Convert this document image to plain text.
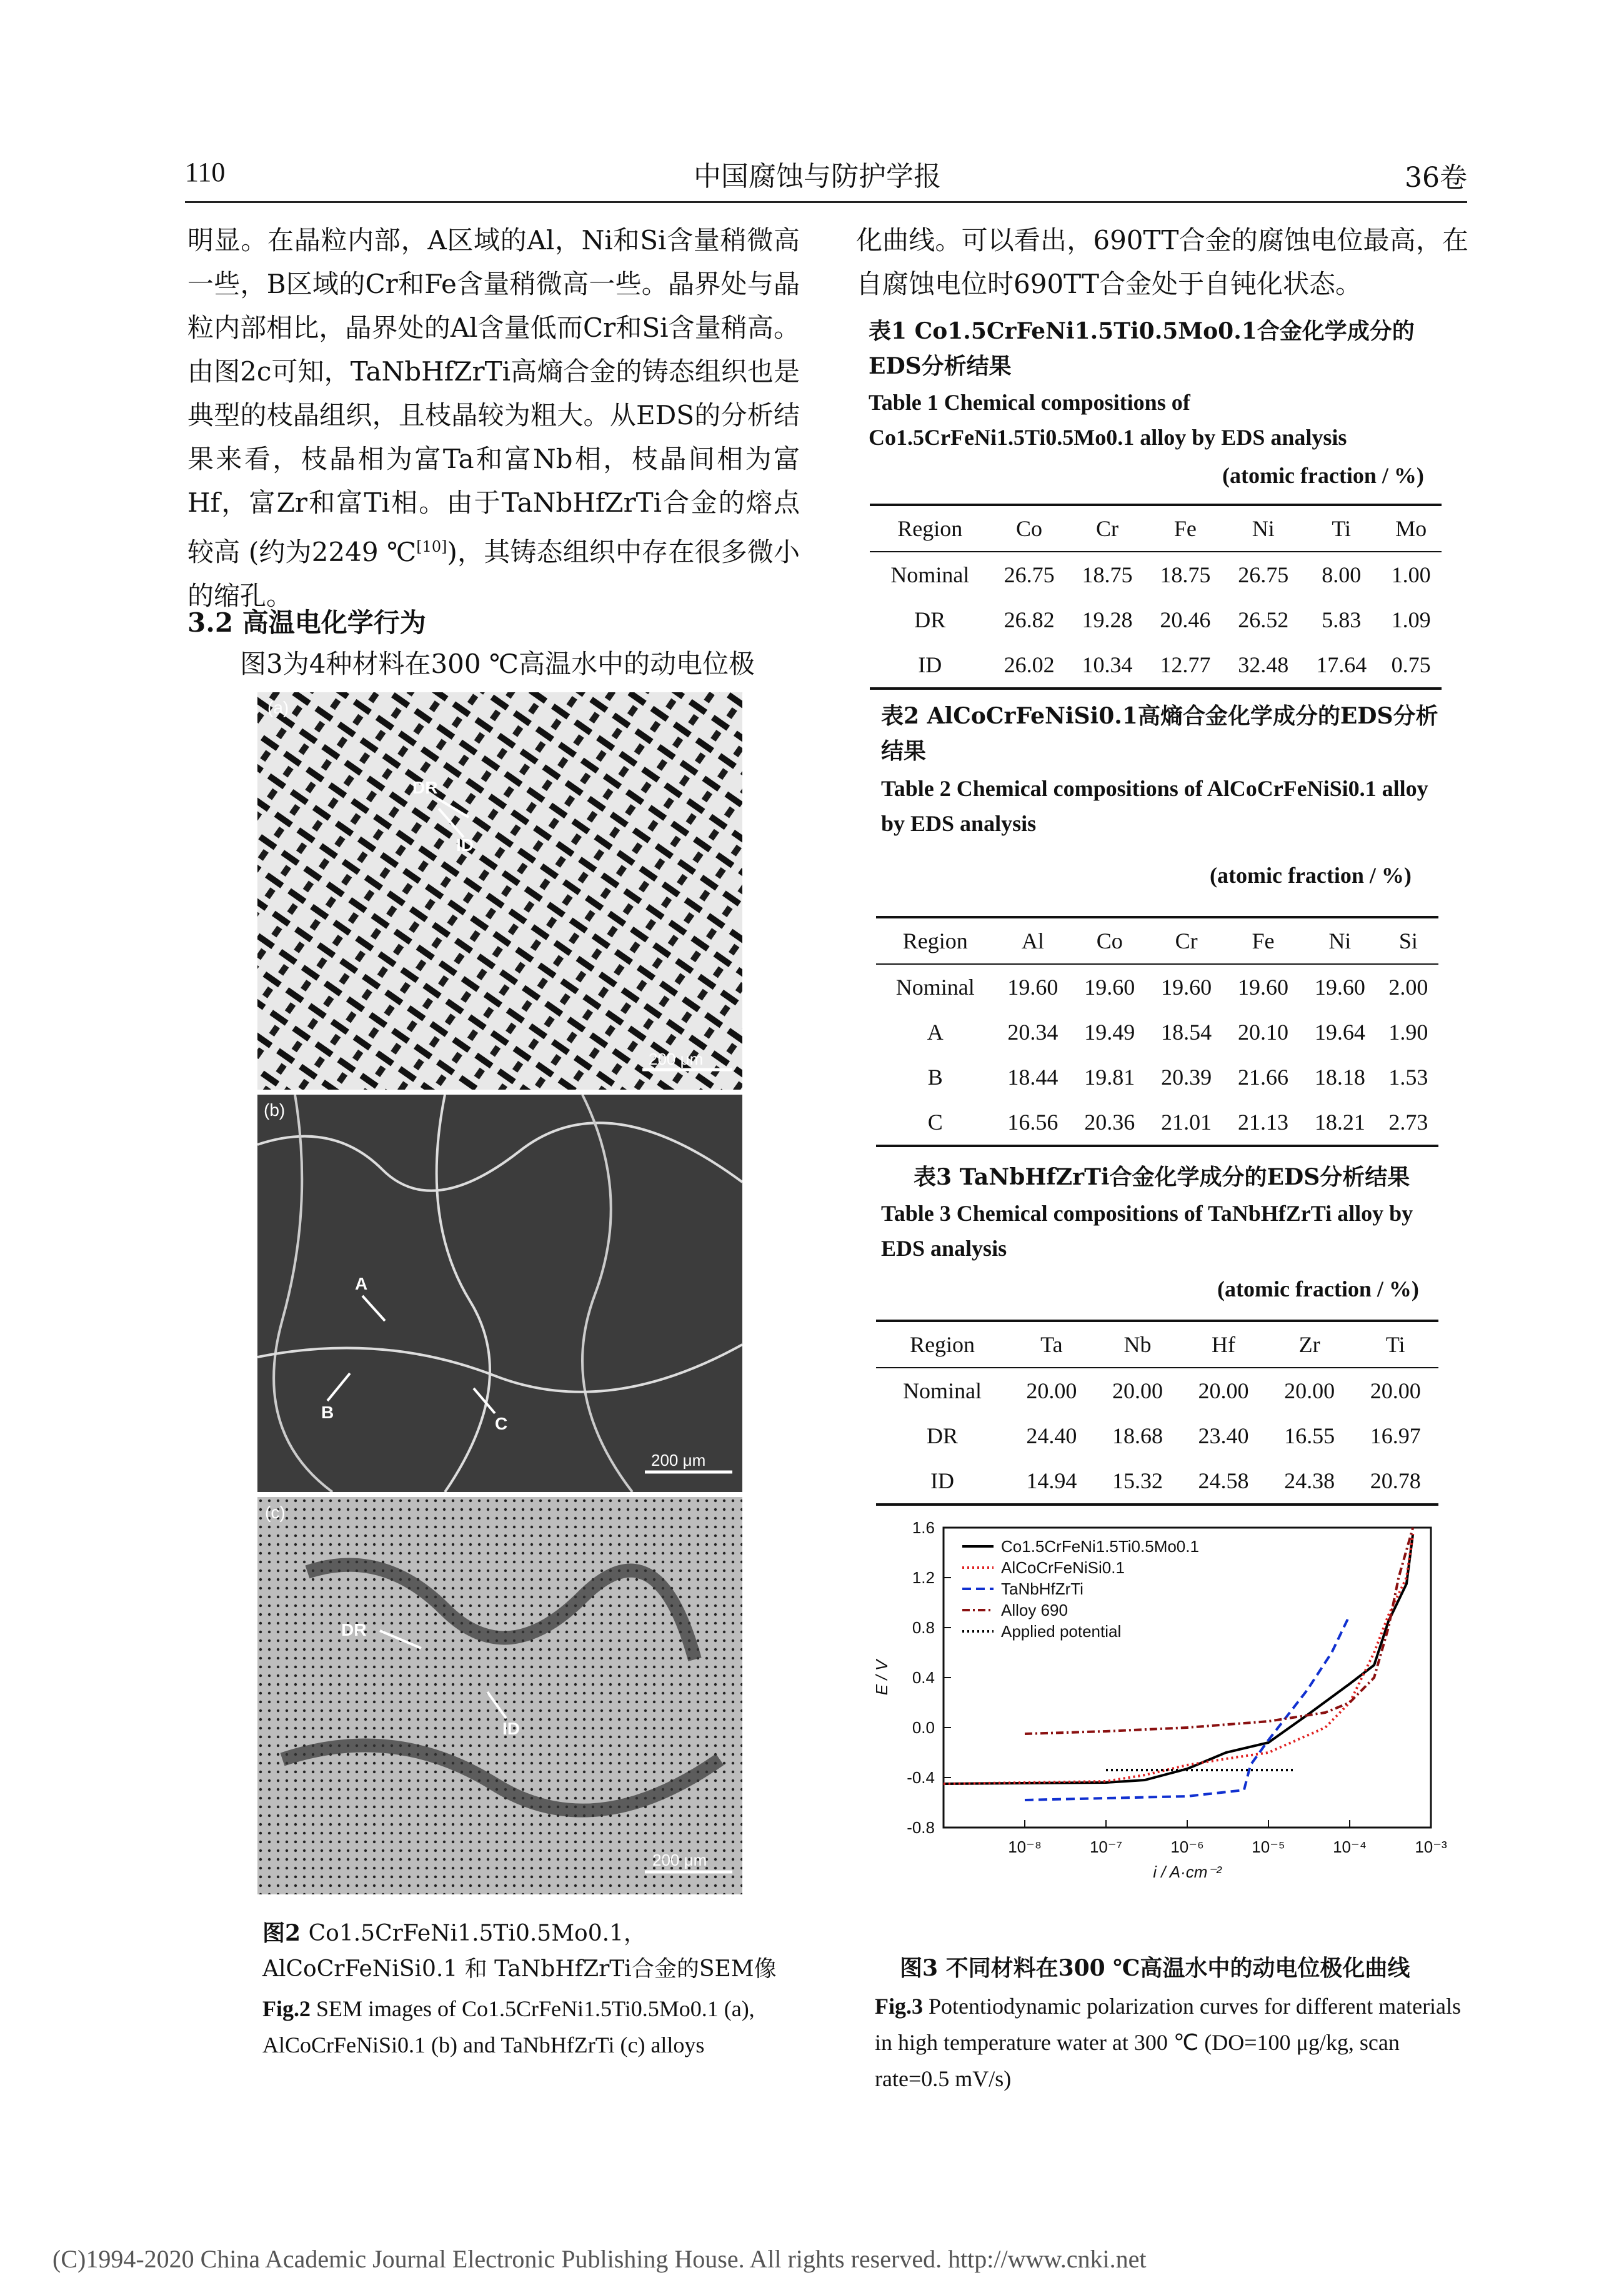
110	中国腐蚀与防护学报	36卷
明显。在晶粒内部，A区域的Al，Ni和Si含量稍微高一些，B区域的Cr和Fe含量稍微高一些。晶界处与晶粒内部相比，晶界处的Al含量低而Cr和Si含量稍高。由图2c可知，TaNbHfZrTi高熵合金的铸态组织也是典型的枝晶组织，且枝晶较为粗大。从EDS的分析结果来看，枝晶相为富Ta和富Nb相，枝晶间相为富Hf，富Zr和富Ti相。由于TaNbHfZrTi合金的熔点较高 (约为2249 ℃[10])，其铸态组织中存在很多微小的缩孔。
3.2 高温电化学行为
图3为4种材料在300 ℃高温水中的动电位极
化曲线。可以看出，690TT合金的腐蚀电位最高，在自腐蚀电位时690TT合金处于自钝化状态。
表1 Co1.5CrFeNi1.5Ti0.5Mo0.1合金化学成分的EDS分析结果
Table 1 Chemical compositions of Co1.5CrFeNi1.5Ti0.5Mo0.1 alloy by EDS analysis
(atomic fraction / %)
Region	Co	Cr	Fe	Ni	Ti	Mo
Nominal	26.75	18.75	18.75	26.75	8.00	1.00
DR	26.82	19.28	20.46	26.52	5.83	1.09
ID	26.02	10.34	12.77	32.48	17.64	0.75
表2 AlCoCrFeNiSi0.1高熵合金化学成分的EDS分析结果
Table 2 Chemical compositions of AlCoCrFeNiSi0.1 alloy by EDS analysis
(atomic fraction / %)
Region	Al	Co	Cr	Fe	Ni	Si
Nominal	19.60	19.60	19.60	19.60	19.60	2.00
A	20.34	19.49	18.54	20.10	19.64	1.90
B	18.44	19.81	20.39	21.66	18.18	1.53
C	16.56	20.36	21.01	21.13	18.21	2.73
表3 TaNbHfZrTi合金化学成分的EDS分析结果
Table 3 Chemical compositions of TaNbHfZrTi alloy by EDS analysis
(atomic fraction / %)
Region	Ta	Nb	Hf	Zr	Ti
Nominal	20.00	20.00	20.00	20.00	20.00
DR	24.40	18.68	23.40	16.55	16.97
ID	14.94	15.32	24.58	24.38	20.78
(a)
DR
ID
200 μm
(b)
A
B
C
200 μm
(c)
DR
ID
200 μm
图2 Co1.5CrFeNi1.5Ti0.5Mo0.1，AlCoCrFeNiSi0.1 和 TaNbHfZrTi合金的SEM像
Fig.2 SEM images of Co1.5CrFeNi1.5Ti0.5Mo0.1 (a), AlCoCrFeNiSi0.1 (b) and TaNbHfZrTi (c) alloys
-0.8
-0.4
0.0
0.4
0.8
1.2
1.6
10⁻⁸	10⁻⁷	10⁻⁶	10⁻⁵	10⁻⁴	10⁻³
i / A·cm⁻²
E / V
Co1.5CrFeNi1.5Ti0.5Mo0.1
AlCoCrFeNiSi0.1
TaNbHfZrTi
Alloy 690
Applied potential
图3 不同材料在300 ℃高温水中的动电位极化曲线
Fig.3 Potentiodynamic polarization curves for different materials in high temperature water at 300 ℃ (DO=100 μg/kg, scan rate=0.5 mV/s)
(C)1994-2020 China Academic Journal Electronic Publishing House. All rights reserved. http://www.cnki.net
